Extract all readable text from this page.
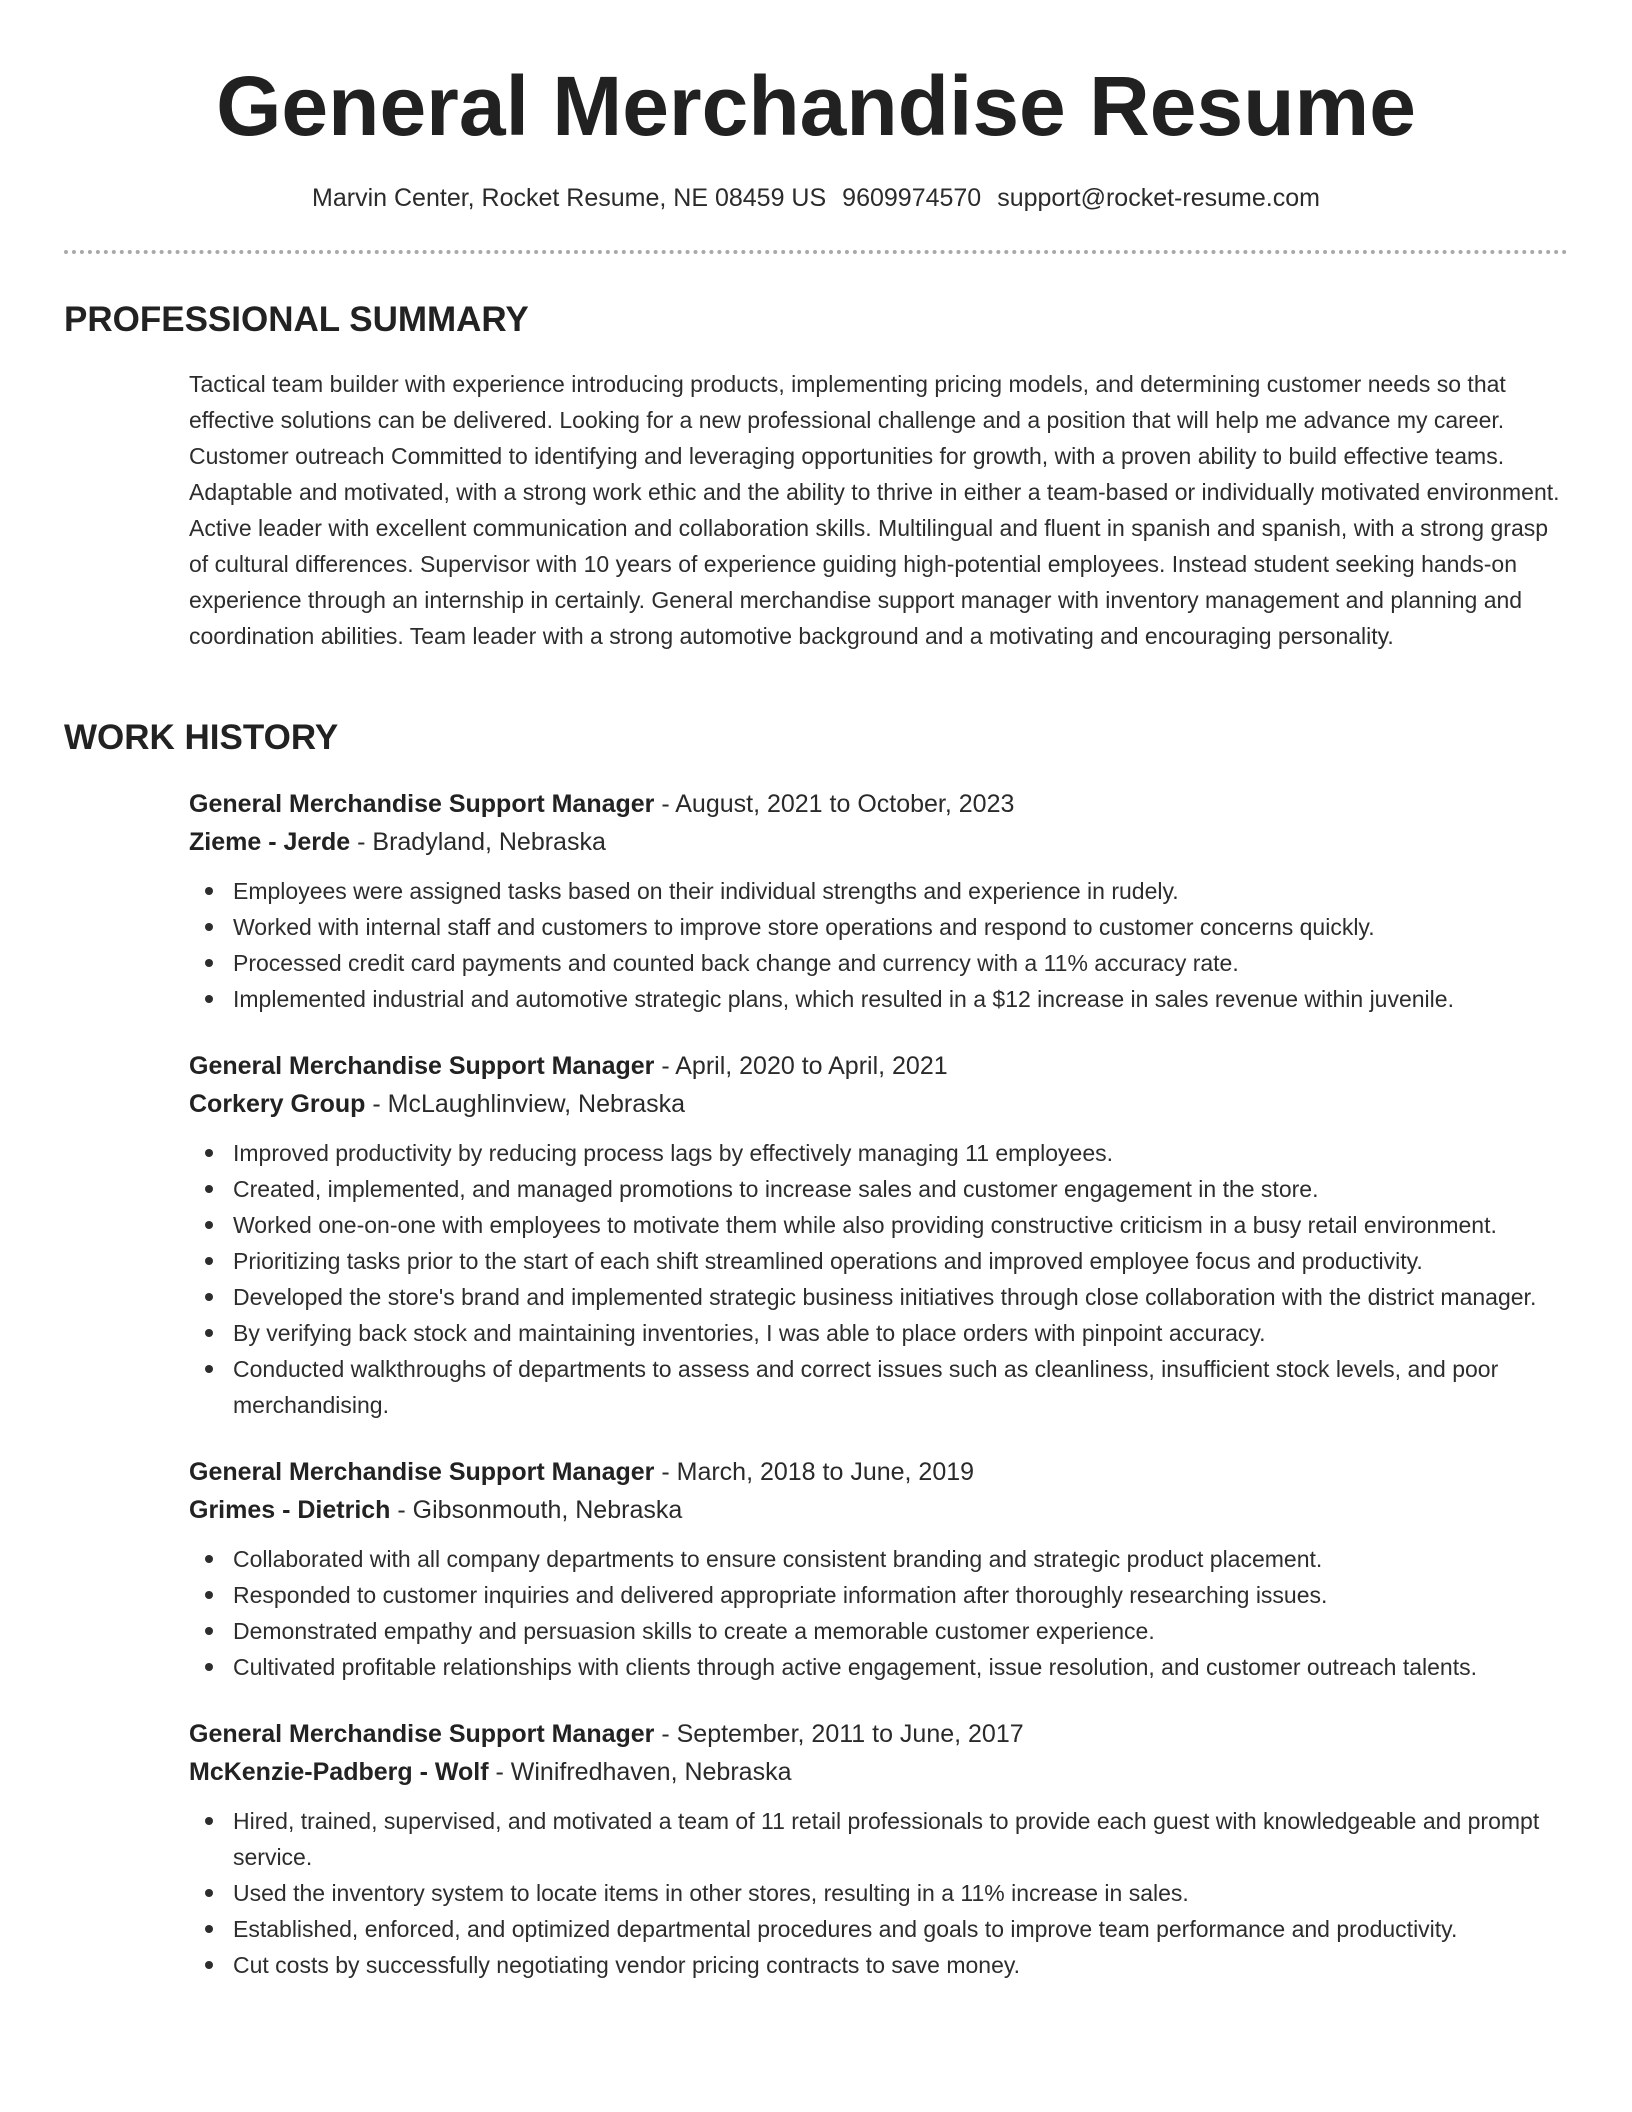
General Merchandise Resume
Marvin Center, Rocket Resume, NE 08459 US 9609974570 support@rocket-resume.com
PROFESSIONAL SUMMARY

Tactical team builder with experience introducing products, implementing pricing models, and determining customer needs so that effective solutions can be delivered. Looking for a new professional challenge and a position that will help me advance my career. Customer outreach Committed to identifying and leveraging opportunities for growth, with a proven ability to build effective teams. Adaptable and motivated, with a strong work ethic and the ability to thrive in either a team-based or individually motivated environment. Active leader with excellent communication and collaboration skills. Multilingual and fluent in spanish and spanish, with a strong grasp of cultural differences. Supervisor with 10 years of experience guiding high-potential employees. Instead student seeking hands-on experience through an internship in certainly. General merchandise support manager with inventory management and planning and coordination abilities. Team leader with a strong automotive background and a motivating and encouraging personality.

WORK HISTORY
General Merchandise Support Manager - August, 2021 to October, 2023
Zieme - Jerde - Bradyland, Nebraska
Employees were assigned tasks based on their individual strengths and experience in rudely.
Worked with internal staff and customers to improve store operations and respond to customer concerns quickly.
Processed credit card payments and counted back change and currency with a 11% accuracy rate.
Implemented industrial and automotive strategic plans, which resulted in a $12 increase in sales revenue within juvenile.
General Merchandise Support Manager - April, 2020 to April, 2021
Corkery Group - McLaughlinview, Nebraska
Improved productivity by reducing process lags by effectively managing 11 employees.
Created, implemented, and managed promotions to increase sales and customer engagement in the store.
Worked one-on-one with employees to motivate them while also providing constructive criticism in a busy retail environment.
Prioritizing tasks prior to the start of each shift streamlined operations and improved employee focus and productivity.
Developed the store's brand and implemented strategic business initiatives through close collaboration with the district manager.
By verifying back stock and maintaining inventories, I was able to place orders with pinpoint accuracy.
Conducted walkthroughs of departments to assess and correct issues such as cleanliness, insufficient stock levels, and poor merchandising.
General Merchandise Support Manager - March, 2018 to June, 2019
Grimes - Dietrich - Gibsonmouth, Nebraska
Collaborated with all company departments to ensure consistent branding and strategic product placement.
Responded to customer inquiries and delivered appropriate information after thoroughly researching issues.
Demonstrated empathy and persuasion skills to create a memorable customer experience.
Cultivated profitable relationships with clients through active engagement, issue resolution, and customer outreach talents.
General Merchandise Support Manager - September, 2011 to June, 2017
McKenzie-Padberg - Wolf - Winifredhaven, Nebraska
Hired, trained, supervised, and motivated a team of 11 retail professionals to provide each guest with knowledgeable and prompt service.
Used the inventory system to locate items in other stores, resulting in a 11% increase in sales.
Established, enforced, and optimized departmental procedures and goals to improve team performance and productivity.
Cut costs by successfully negotiating vendor pricing contracts to save money.
